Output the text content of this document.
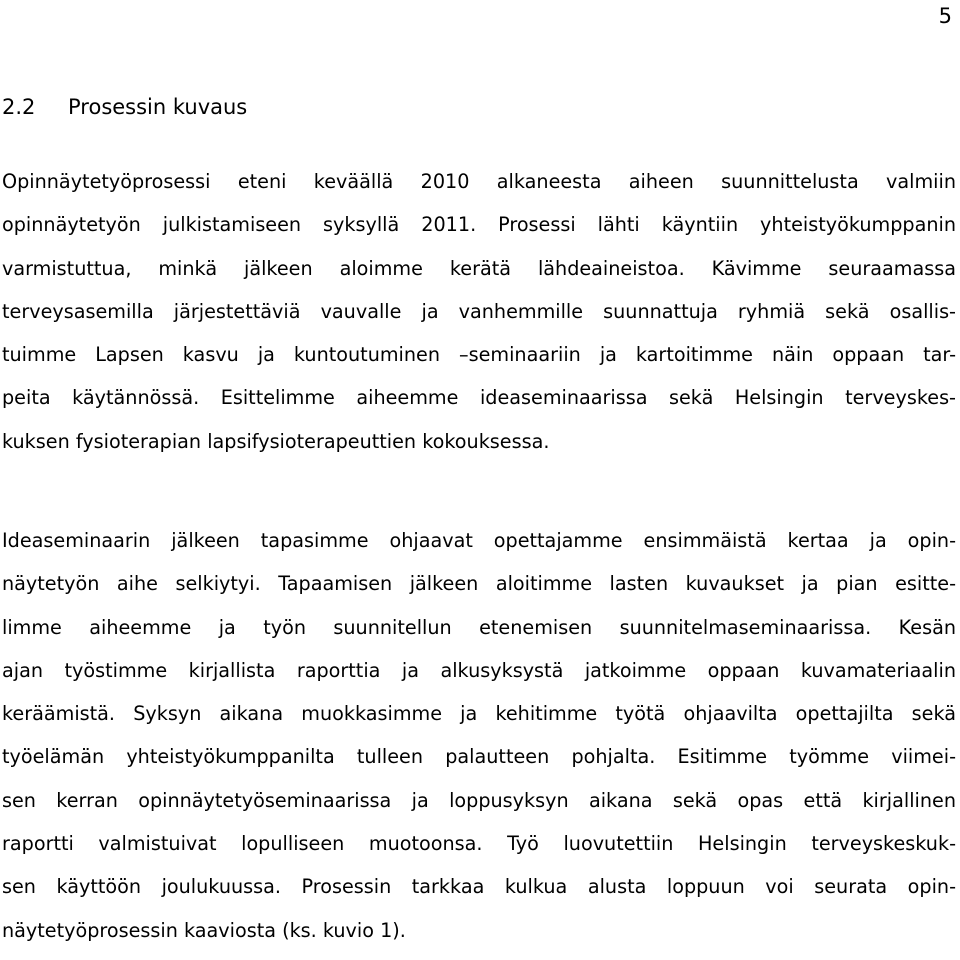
5
2.2 Prosessin kuvaus
Opinnäytetyöprosessi eteni keväällä 2010 alkaneesta aiheen suunnittelusta valmiin
opinnäytetyön julkistamiseen syksyllä 2011. Prosessi lähti käyntiin yhteistyökumppanin
varmistuttua, minkä jälkeen aloimme kerätä lähdeaineistoa. Kävimme seuraamassa
terveysasemilla järjestettäviä vauvalle ja vanhemmille suunnattuja ryhmiä sekä osallis-
tuimme Lapsen kasvu ja kuntoutuminen –seminaariin ja kartoitimme näin oppaan tar-
peita käytännössä. Esittelimme aiheemme ideaseminaarissa sekä Helsingin terveyskes-
kuksen fysioterapian lapsifysioterapeuttien kokouksessa.
Ideaseminaarin jälkeen tapasimme ohjaavat opettajamme ensimmäistä kertaa ja opin-
näytetyön aihe selkiytyi. Tapaamisen jälkeen aloitimme lasten kuvaukset ja pian esitte-
limme aiheemme ja työn suunnitellun etenemisen suunnitelmaseminaarissa. Kesän
ajan työstimme kirjallista raporttia ja alkusyksystä jatkoimme oppaan kuvamateriaalin
keräämistä. Syksyn aikana muokkasimme ja kehitimme työtä ohjaavilta opettajilta sekä
työelämän yhteistyökumppanilta tulleen palautteen pohjalta. Esitimme työmme viimei-
sen kerran opinnäytetyöseminaarissa ja loppusyksyn aikana sekä opas että kirjallinen
raportti valmistuivat lopulliseen muotoonsa. Työ luovutettiin Helsingin terveyskeskuk-
sen käyttöön joulukuussa. Prosessin tarkkaa kulkua alusta loppuun voi seurata opin-
näytetyöprosessin kaaviosta (ks. kuvio 1).
